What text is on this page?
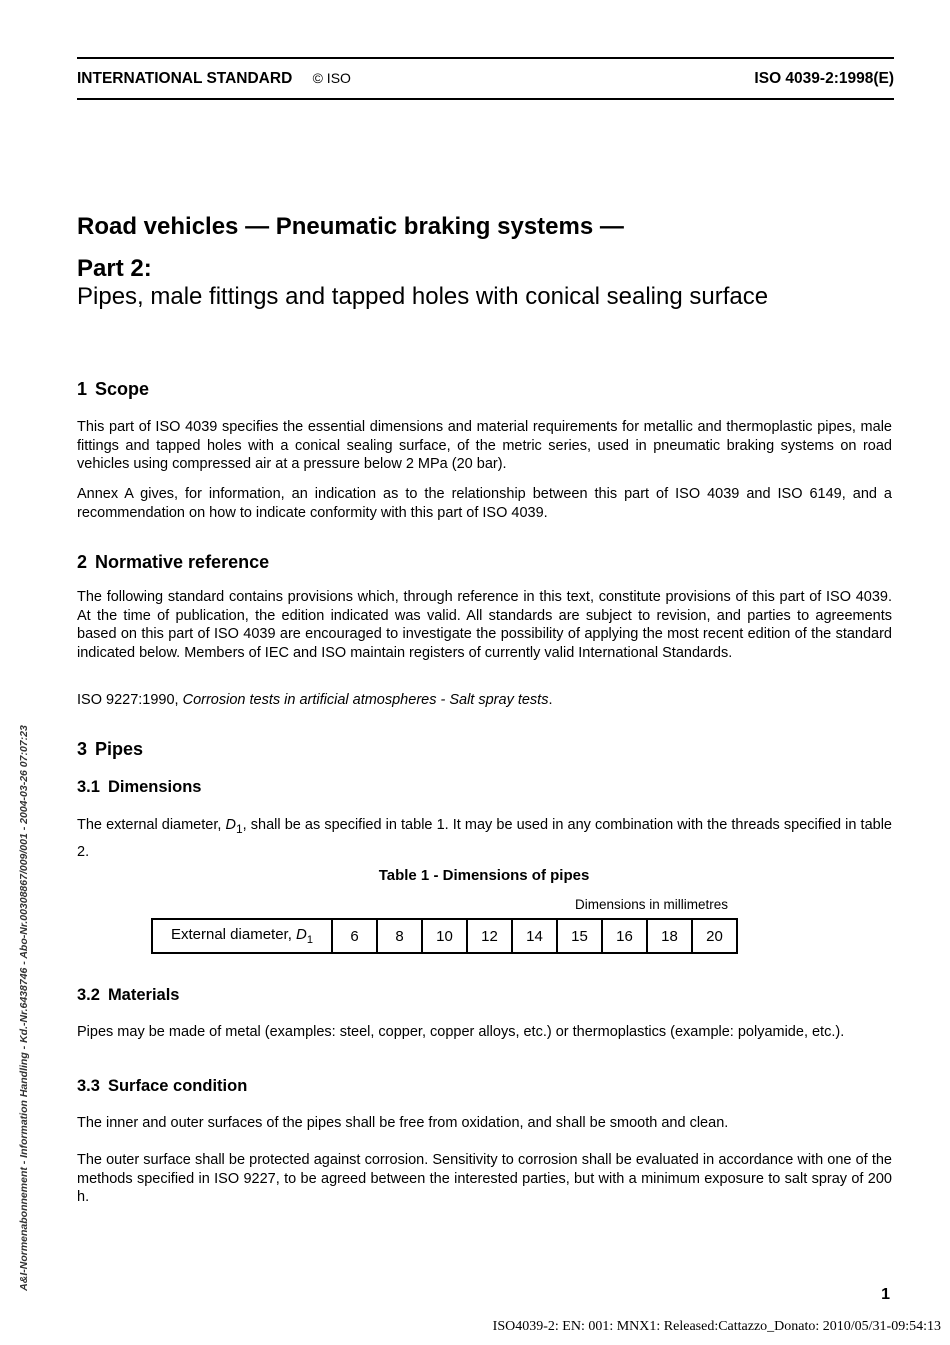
INTERNATIONAL STANDARD © ISO	ISO 4039-2:1998(E)
Road vehicles — Pneumatic braking systems —
Part 2:
Pipes, male fittings and tapped holes with conical sealing surface
1 Scope
This part of ISO 4039 specifies the essential dimensions and material requirements for metallic and thermoplastic pipes, male fittings and tapped holes with a conical sealing surface, of the metric series, used in pneumatic braking systems on road vehicles using compressed air at a pressure below 2 MPa (20 bar).
Annex A gives, for information, an indication as to the relationship between this part of ISO 4039 and ISO 6149, and a recommendation on how to indicate conformity with this part of ISO 4039.
2 Normative reference
The following standard contains provisions which, through reference in this text, constitute provisions of this part of ISO 4039. At the time of publication, the edition indicated was valid. All standards are subject to revision, and parties to agreements based on this part of ISO 4039 are encouraged to investigate the possibility of applying the most recent edition of the standard indicated below. Members of IEC and ISO maintain registers of currently valid International Standards.
ISO 9227:1990, Corrosion tests in artificial atmospheres - Salt spray tests.
3 Pipes
3.1 Dimensions
The external diameter, $D_1$, shall be as specified in table 1. It may be used in any combination with the threads specified in table 2.
Table 1 - Dimensions of pipes
Dimensions in millimetres
External diameter, $D_1$	6	8	10	12	14	15	16	18	20
3.2 Materials
Pipes may be made of metal (examples: steel, copper, copper alloys, etc.) or thermoplastics (example: polyamide, etc.).
3.3 Surface condition
The inner and outer surfaces of the pipes shall be free from oxidation, and shall be smooth and clean.
The outer surface shall be protected against corrosion. Sensitivity to corrosion shall be evaluated in accordance with one of the methods specified in ISO 9227, to be agreed between the interested parties, but with a minimum exposure to salt spray of 200 h.
1
ISO4039-2: EN: 001: MNX1: Released:Cattazzo_Donato: 2010/05/31-09:54:13
A&I-Normenabonnement - Information Handling - Kd.-Nr.6438746 - Abo-Nr.00308867/009/001 - 2004-03-26 07:07:23
